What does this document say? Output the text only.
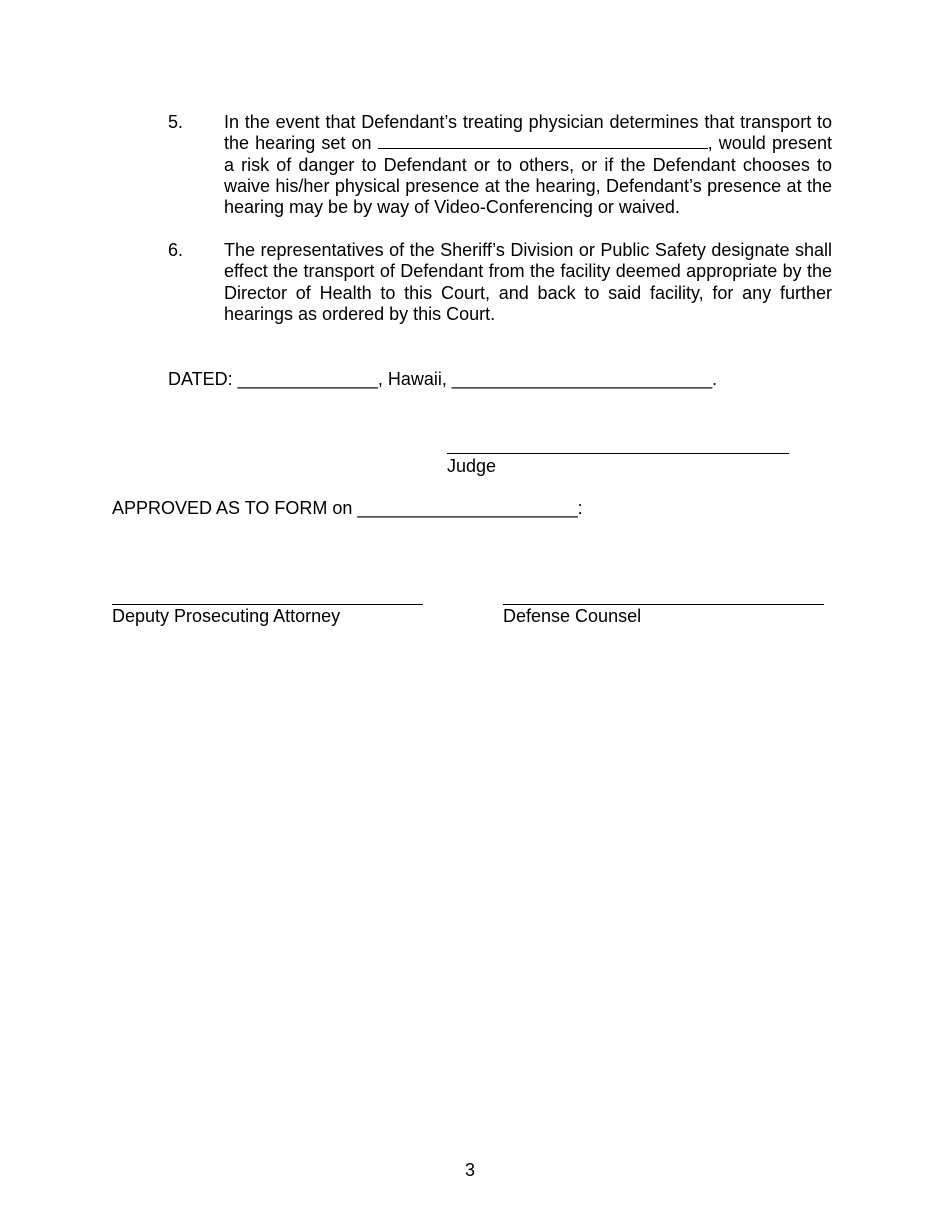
5. In the event that Defendant’s treating physician determines that transport to the hearing set on	, would present a risk of danger to Defendant or to others, or if the Defendant chooses to waive his/her physical presence at the hearing, Defendant’s presence at the hearing may be by way of Video-Conferencing or waived.
6. The representatives of the Sheriff’s Division or Public Safety designate shall effect the transport of Defendant from the facility deemed appropriate by the Director of Health to this Court, and back to said facility, for any further hearings as ordered by this Court.
DATED: ______________, Hawaii, __________________________.
Judge
APPROVED AS TO FORM on ______________________:
Deputy Prosecuting Attorney	Defense Counsel
3
